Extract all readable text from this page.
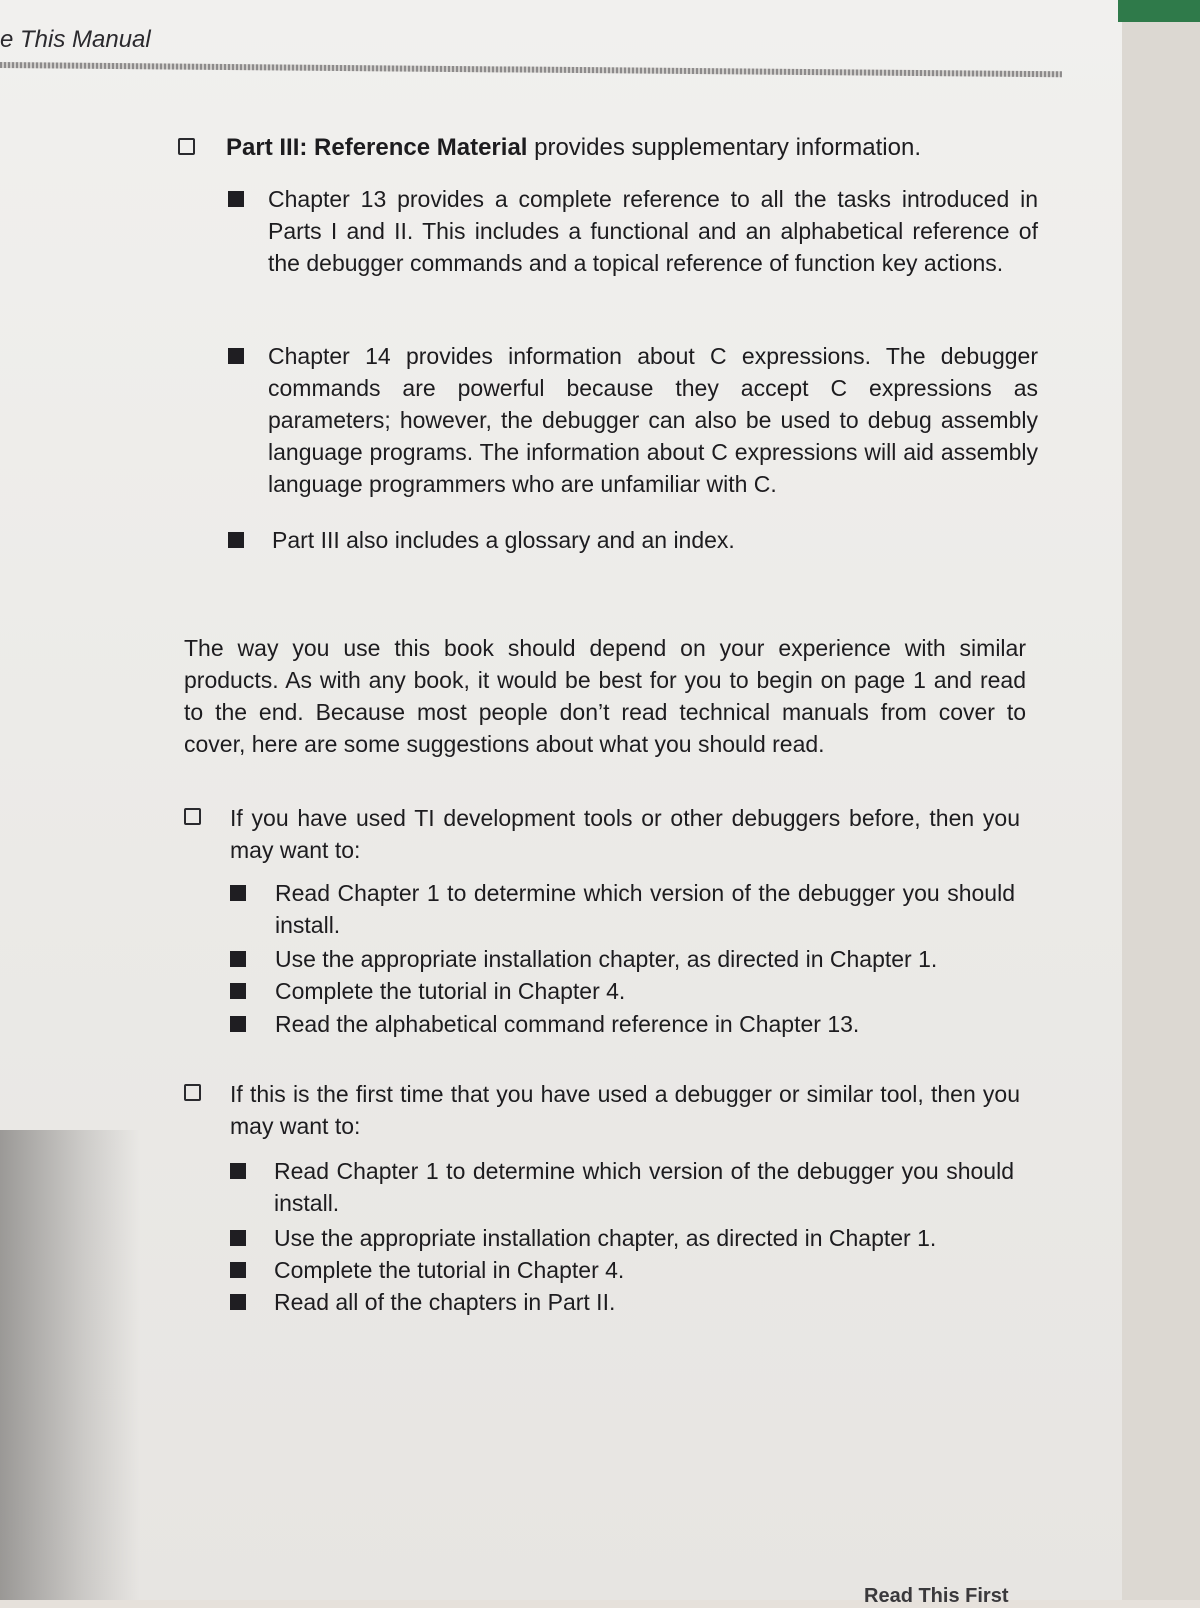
e This Manual
Part III: Reference Material provides supplementary information.
Chapter 13 provides a complete reference to all the tasks introduced in Parts I and II. This includes a functional and an alphabetical reference of the debugger commands and a topical reference of function key actions.
Chapter 14 provides information about C expressions. The debugger commands are powerful because they accept C expressions as parameters; however, the debugger can also be used to debug assembly language programs. The information about C expressions will aid assembly language programmers who are unfamiliar with C.
Part III also includes a glossary and an index.
The way you use this book should depend on your experience with similar products. As with any book, it would be best for you to begin on page 1 and read to the end. Because most people don’t read technical manuals from cover to cover, here are some suggestions about what you should read.
If you have used TI development tools or other debuggers before, then you may want to:
Read Chapter 1 to determine which version of the debugger you should install.
Use the appropriate installation chapter, as directed in Chapter 1.
Complete the tutorial in Chapter 4.
Read the alphabetical command reference in Chapter 13.
If this is the first time that you have used a debugger or similar tool, then you may want to:
Read Chapter 1 to determine which version of the debugger you should install.
Use the appropriate installation chapter, as directed in Chapter 1.
Complete the tutorial in Chapter 4.
Read all of the chapters in Part II.
Read This First
